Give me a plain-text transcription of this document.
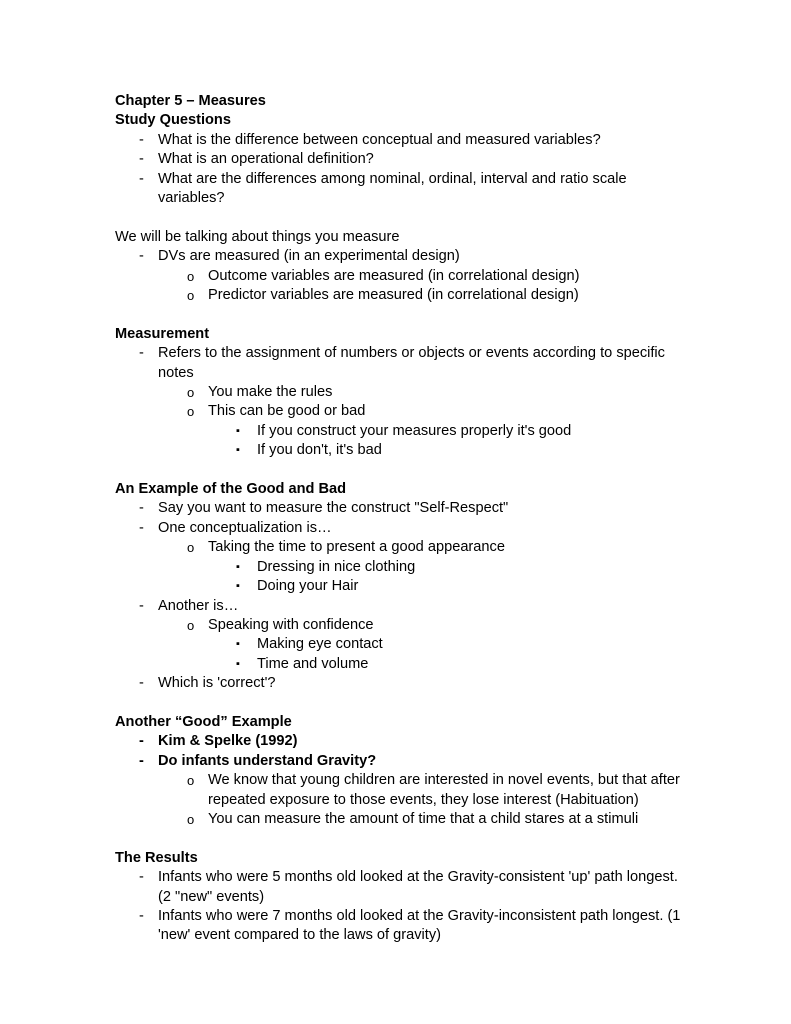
Chapter 5 – Measures
Study Questions
- What is the difference between conceptual and measured variables?
- What is an operational definition?
- What are the differences among nominal, ordinal, interval and ratio scale variables?
We will be talking about things you measure
- DVs are measured (in an experimental design)
o Outcome variables are measured (in correlational design)
o Predictor variables are measured (in correlational design)
Measurement
- Refers to the assignment of numbers or objects or events according to specific notes
o You make the rules
o This can be good or bad
▪ If you construct your measures properly it's good
▪ If you don't, it's bad
An Example of the Good and Bad
- Say you want to measure the construct "Self-Respect"
- One conceptualization is…
o Taking the time to present a good appearance
▪ Dressing in nice clothing
▪ Doing your Hair
- Another is…
o Speaking with confidence
▪ Making eye contact
▪ Time and volume
- Which is 'correct'?
Another “Good” Example
- Kim & Spelke (1992)
- Do infants understand Gravity?
o We know that young children are interested in novel events, but that after repeated exposure to those events, they lose interest (Habituation)
o You can measure the amount of time that a child stares at a stimuli
The Results
- Infants who were 5 months old looked at the Gravity-consistent 'up' path longest. (2 "new" events)
- Infants who were 7 months old looked at the Gravity-inconsistent path longest. (1 'new' event compared to the laws of gravity)
